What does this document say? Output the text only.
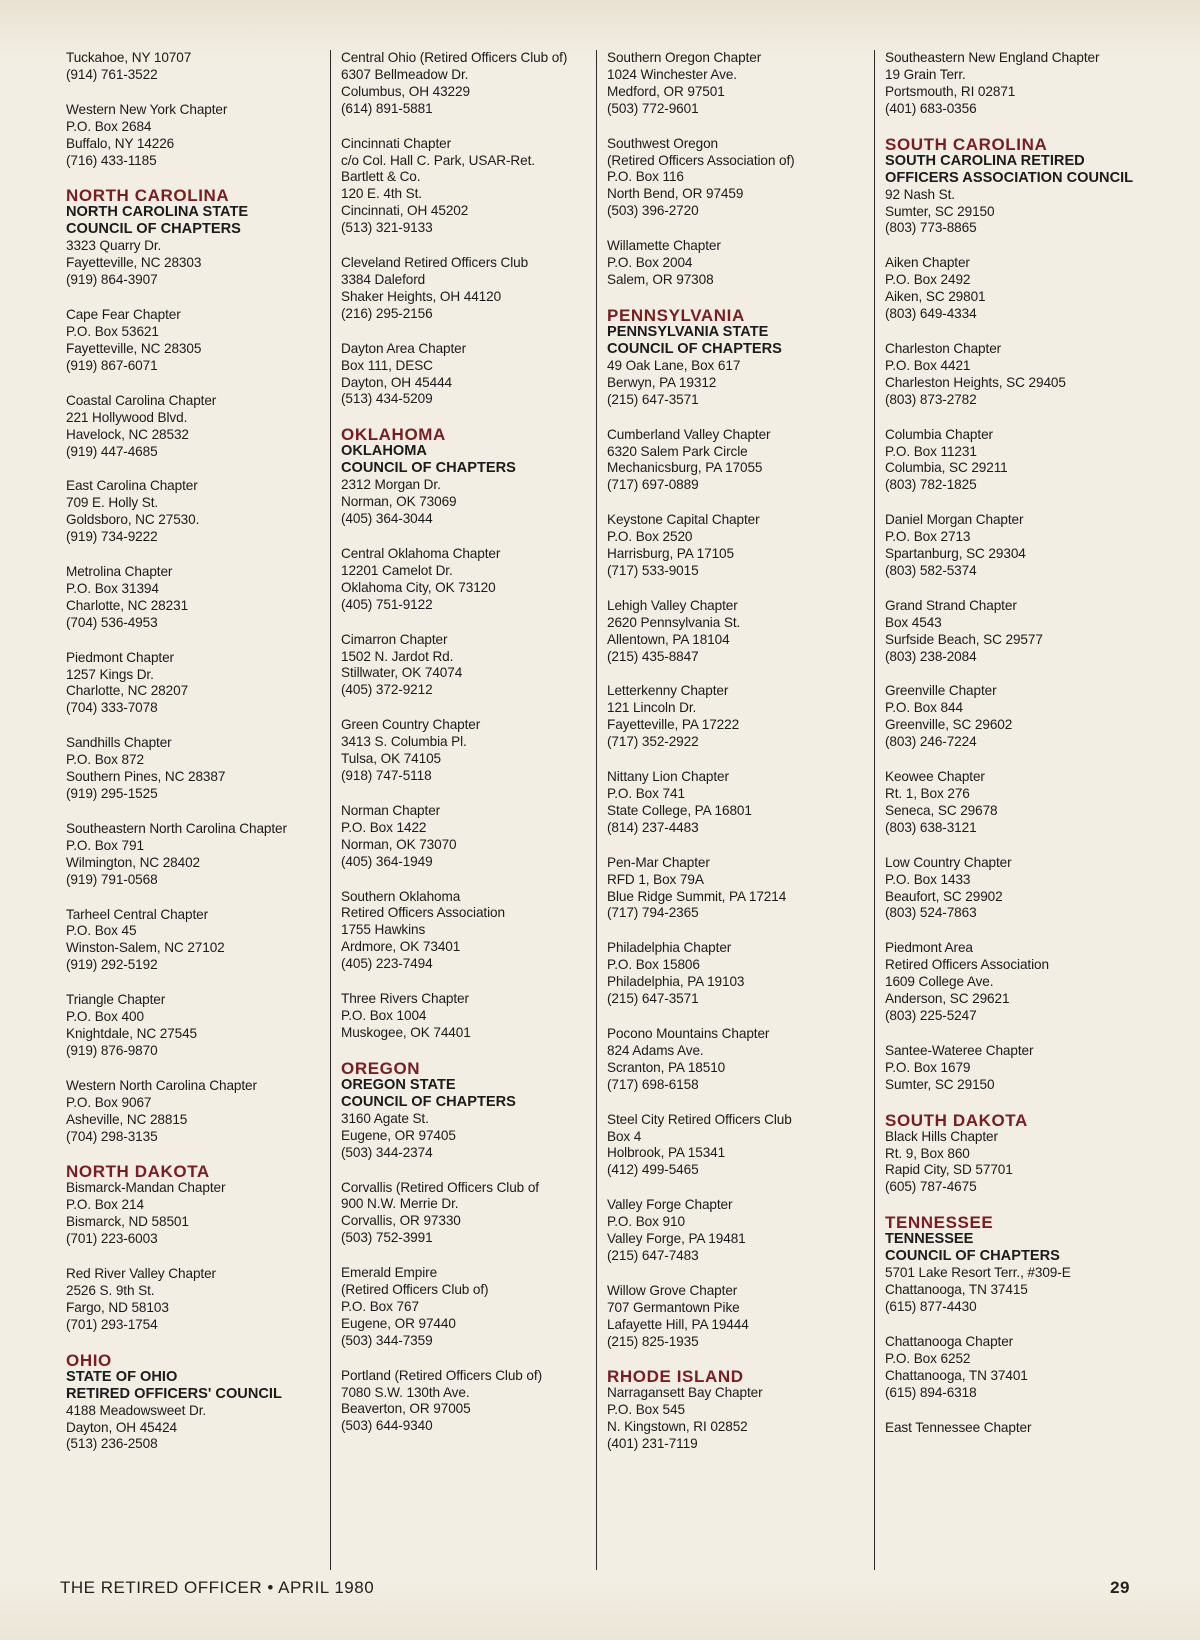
Tuckahoe, NY 10707
(914) 761-3522
Western New York Chapter
P.O. Box 2684
Buffalo, NY 14226
(716) 433-1185
NORTH CAROLINA
NORTH CAROLINA STATE
COUNCIL OF CHAPTERS
3323 Quarry Dr.
Fayetteville, NC 28303
(919) 864-3907
Cape Fear Chapter
P.O. Box 53621
Fayetteville, NC 28305
(919) 867-6071
Coastal Carolina Chapter
221 Hollywood Blvd.
Havelock, NC 28532
(919) 447-4685
East Carolina Chapter
709 E. Holly St.
Goldsboro, NC 27530.
(919) 734-9222
Metrolina Chapter
P.O. Box 31394
Charlotte, NC 28231
(704) 536-4953
Piedmont Chapter
1257 Kings Dr.
Charlotte, NC 28207
(704) 333-7078
Sandhills Chapter
P.O. Box 872
Southern Pines, NC 28387
(919) 295-1525
Southeastern North Carolina Chapter
P.O. Box 791
Wilmington, NC 28402
(919) 791-0568
Tarheel Central Chapter
P.O. Box 45
Winston-Salem, NC 27102
(919) 292-5192
Triangle Chapter
P.O. Box 400
Knightdale, NC 27545
(919) 876-9870
Western North Carolina Chapter
P.O. Box 9067
Asheville, NC 28815
(704) 298-3135
NORTH DAKOTA
Bismarck-Mandan Chapter
P.O. Box 214
Bismarck, ND 58501
(701) 223-6003
Red River Valley Chapter
2526 S. 9th St.
Fargo, ND 58103
(701) 293-1754
OHIO
STATE OF OHIO
RETIRED OFFICERS' COUNCIL
4188 Meadowsweet Dr.
Dayton, OH 45424
(513) 236-2508
Central Ohio (Retired Officers Club of)
6307 Bellmeadow Dr.
Columbus, OH 43229
(614) 891-5881
Cincinnati Chapter
c/o Col. Hall C. Park, USAR-Ret.
Bartlett & Co.
120 E. 4th St.
Cincinnati, OH 45202
(513) 321-9133
Cleveland Retired Officers Club
3384 Daleford
Shaker Heights, OH 44120
(216) 295-2156
Dayton Area Chapter
Box 111, DESC
Dayton, OH 45444
(513) 434-5209
OKLAHOMA
OKLAHOMA
COUNCIL OF CHAPTERS
2312 Morgan Dr.
Norman, OK 73069
(405) 364-3044
Central Oklahoma Chapter
12201 Camelot Dr.
Oklahoma City, OK 73120
(405) 751-9122
Cimarron Chapter
1502 N. Jardot Rd.
Stillwater, OK 74074
(405) 372-9212
Green Country Chapter
3413 S. Columbia Pl.
Tulsa, OK 74105
(918) 747-5118
Norman Chapter
P.O. Box 1422
Norman, OK 73070
(405) 364-1949
Southern Oklahoma
Retired Officers Association
1755 Hawkins
Ardmore, OK 73401
(405) 223-7494
Three Rivers Chapter
P.O. Box 1004
Muskogee, OK 74401
OREGON
OREGON STATE
COUNCIL OF CHAPTERS
3160 Agate St.
Eugene, OR 97405
(503) 344-2374
Corvallis (Retired Officers Club of
900 N.W. Merrie Dr.
Corvallis, OR 97330
(503) 752-3991
Emerald Empire
(Retired Officers Club of)
P.O. Box 767
Eugene, OR 97440
(503) 344-7359
Portland (Retired Officers Club of)
7080 S.W. 130th Ave.
Beaverton, OR 97005
(503) 644-9340
Southern Oregon Chapter
1024 Winchester Ave.
Medford, OR 97501
(503) 772-9601
Southwest Oregon
(Retired Officers Association of)
P.O. Box 116
North Bend, OR 97459
(503) 396-2720
Willamette Chapter
P.O. Box 2004
Salem, OR 97308
PENNSYLVANIA
PENNSYLVANIA STATE
COUNCIL OF CHAPTERS
49 Oak Lane, Box 617
Berwyn, PA 19312
(215) 647-3571
Cumberland Valley Chapter
6320 Salem Park Circle
Mechanicsburg, PA 17055
(717) 697-0889
Keystone Capital Chapter
P.O. Box 2520
Harrisburg, PA 17105
(717) 533-9015
Lehigh Valley Chapter
2620 Pennsylvania St.
Allentown, PA 18104
(215) 435-8847
Letterkenny Chapter
121 Lincoln Dr.
Fayetteville, PA 17222
(717) 352-2922
Nittany Lion Chapter
P.O. Box 741
State College, PA 16801
(814) 237-4483
Pen-Mar Chapter
RFD 1, Box 79A
Blue Ridge Summit, PA 17214
(717) 794-2365
Philadelphia Chapter
P.O. Box 15806
Philadelphia, PA 19103
(215) 647-3571
Pocono Mountains Chapter
824 Adams Ave.
Scranton, PA 18510
(717) 698-6158
Steel City Retired Officers Club
Box 4
Holbrook, PA 15341
(412) 499-5465
Valley Forge Chapter
P.O. Box 910
Valley Forge, PA 19481
(215) 647-7483
Willow Grove Chapter
707 Germantown Pike
Lafayette Hill, PA 19444
(215) 825-1935
RHODE ISLAND
Narragansett Bay Chapter
P.O. Box 545
N. Kingstown, RI 02852
(401) 231-7119
Southeastern New England Chapter
19 Grain Terr.
Portsmouth, RI 02871
(401) 683-0356
SOUTH CAROLINA
SOUTH CAROLINA RETIRED
OFFICERS ASSOCIATION COUNCIL
92 Nash St.
Sumter, SC 29150
(803) 773-8865
Aiken Chapter
P.O. Box 2492
Aiken, SC 29801
(803) 649-4334
Charleston Chapter
P.O. Box 4421
Charleston Heights, SC 29405
(803) 873-2782
Columbia Chapter
P.O. Box 11231
Columbia, SC 29211
(803) 782-1825
Daniel Morgan Chapter
P.O. Box 2713
Spartanburg, SC 29304
(803) 582-5374
Grand Strand Chapter
Box 4543
Surfside Beach, SC 29577
(803) 238-2084
Greenville Chapter
P.O. Box 844
Greenville, SC 29602
(803) 246-7224
Keowee Chapter
Rt. 1, Box 276
Seneca, SC 29678
(803) 638-3121
Low Country Chapter
P.O. Box 1433
Beaufort, SC 29902
(803) 524-7863
Piedmont Area
Retired Officers Association
1609 College Ave.
Anderson, SC 29621
(803) 225-5247
Santee-Wateree Chapter
P.O. Box 1679
Sumter, SC 29150
SOUTH DAKOTA
Black Hills Chapter
Rt. 9, Box 860
Rapid City, SD 57701
(605) 787-4675
TENNESSEE
TENNESSEE
COUNCIL OF CHAPTERS
5701 Lake Resort Terr., #309-E
Chattanooga, TN 37415
(615) 877-4430
Chattanooga Chapter
P.O. Box 6252
Chattanooga, TN 37401
(615) 894-6318
East Tennessee Chapter
THE RETIRED OFFICER • APRIL 1980	29
